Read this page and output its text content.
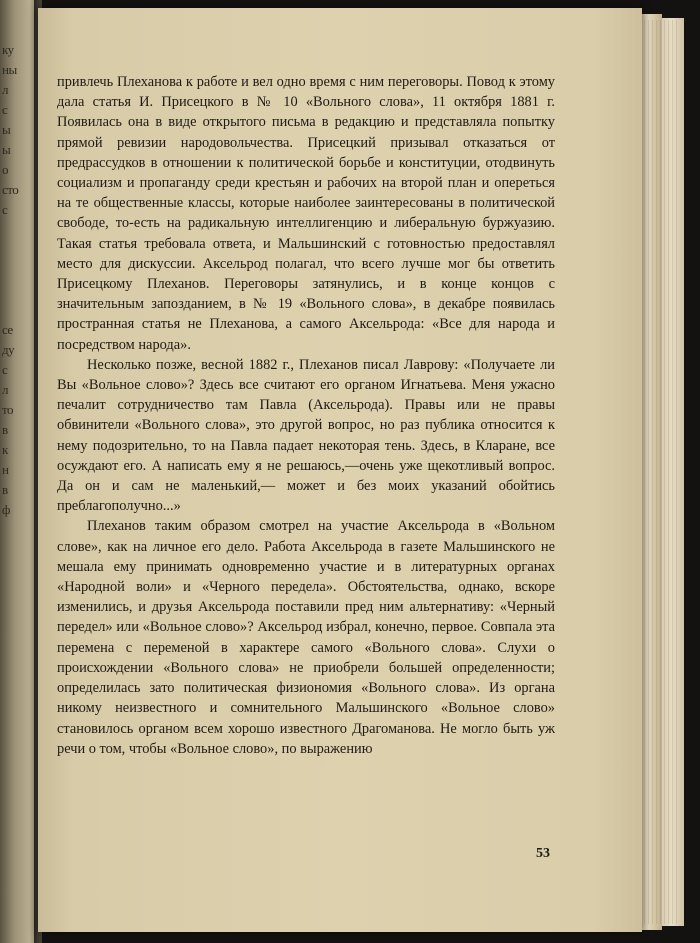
ку
ны
л
с
ы
ы
о
сто
с
се
ду
с
л
то
в
к
н
в
ф

привлечь Плеханова к работе и вел одно время с ним переговоры. Повод к этому дала статья И. Присецкого в № 10 «Вольного слова», 11 октября 1881 г. Появилась она в виде открытого письма в редакцию и представляла попытку прямой ревизии народовольчества. Присецкий призывал отказаться от предрассудков в отношении к политической борьбе и конституции, отодвинуть социализм и пропаганду среди крестьян и рабочих на второй план и опереться на те общественные классы, которые наиболее заинтересованы в политической свободе, то-есть на радикальную интеллигенцию и либеральную буржуазию. Такая статья требовала ответа, и Мальшинский с готовностью предоставлял место для дискуссии. Аксельрод полагал, что всего лучше мог бы ответить Присецкому Плеханов. Переговоры затянулись, и в конце концов с значительным запозданием, в № 19 «Вольного слова», в декабре появилась пространная статья не Плеханова, а самого Аксельрода: «Все для народа и посредством народа».

Несколько позже, весной 1882 г., Плеханов писал Лаврову: «Получаете ли Вы «Вольное слово»? Здесь все считают его органом Игнатьева. Меня ужасно печалит сотрудничество там Павла (Аксельрода). Правы или не правы обвинители «Вольного слова», это другой вопрос, но раз публика относится к нему подозрительно, то на Павла падает некоторая тень. Здесь, в Кларане, все осуждают его. А написать ему я не решаюсь,—очень уже щекотливый вопрос. Да он и сам не маленький,— может и без моих указаний обойтись преблагополучно...»

Плеханов таким образом смотрел на участие Аксельрода в «Вольном слове», как на личное его дело. Работа Аксельрода в газете Мальшинского не мешала ему принимать одновременно участие и в литературных органах «Народной воли» и «Черного передела». Обстоятельства, однако, вскоре изменились, и друзья Аксельрода поставили пред ним альтернативу: «Черный передел» или «Вольное слово»? Аксельрод избрал, конечно, первое. Совпала эта перемена с переменой в характере самого «Вольного слова». Слухи о происхождении «Вольного слова» не приобрели большей определенности; определилась зато политическая физиономия «Вольного слова». Из органа никому неизвестного и сомнительного Мальшинского «Вольное слово» становилось органом всем хорошо известного Драгоманова. Не могло быть уж речи о том, чтобы «Вольное слово», по выражению

53
